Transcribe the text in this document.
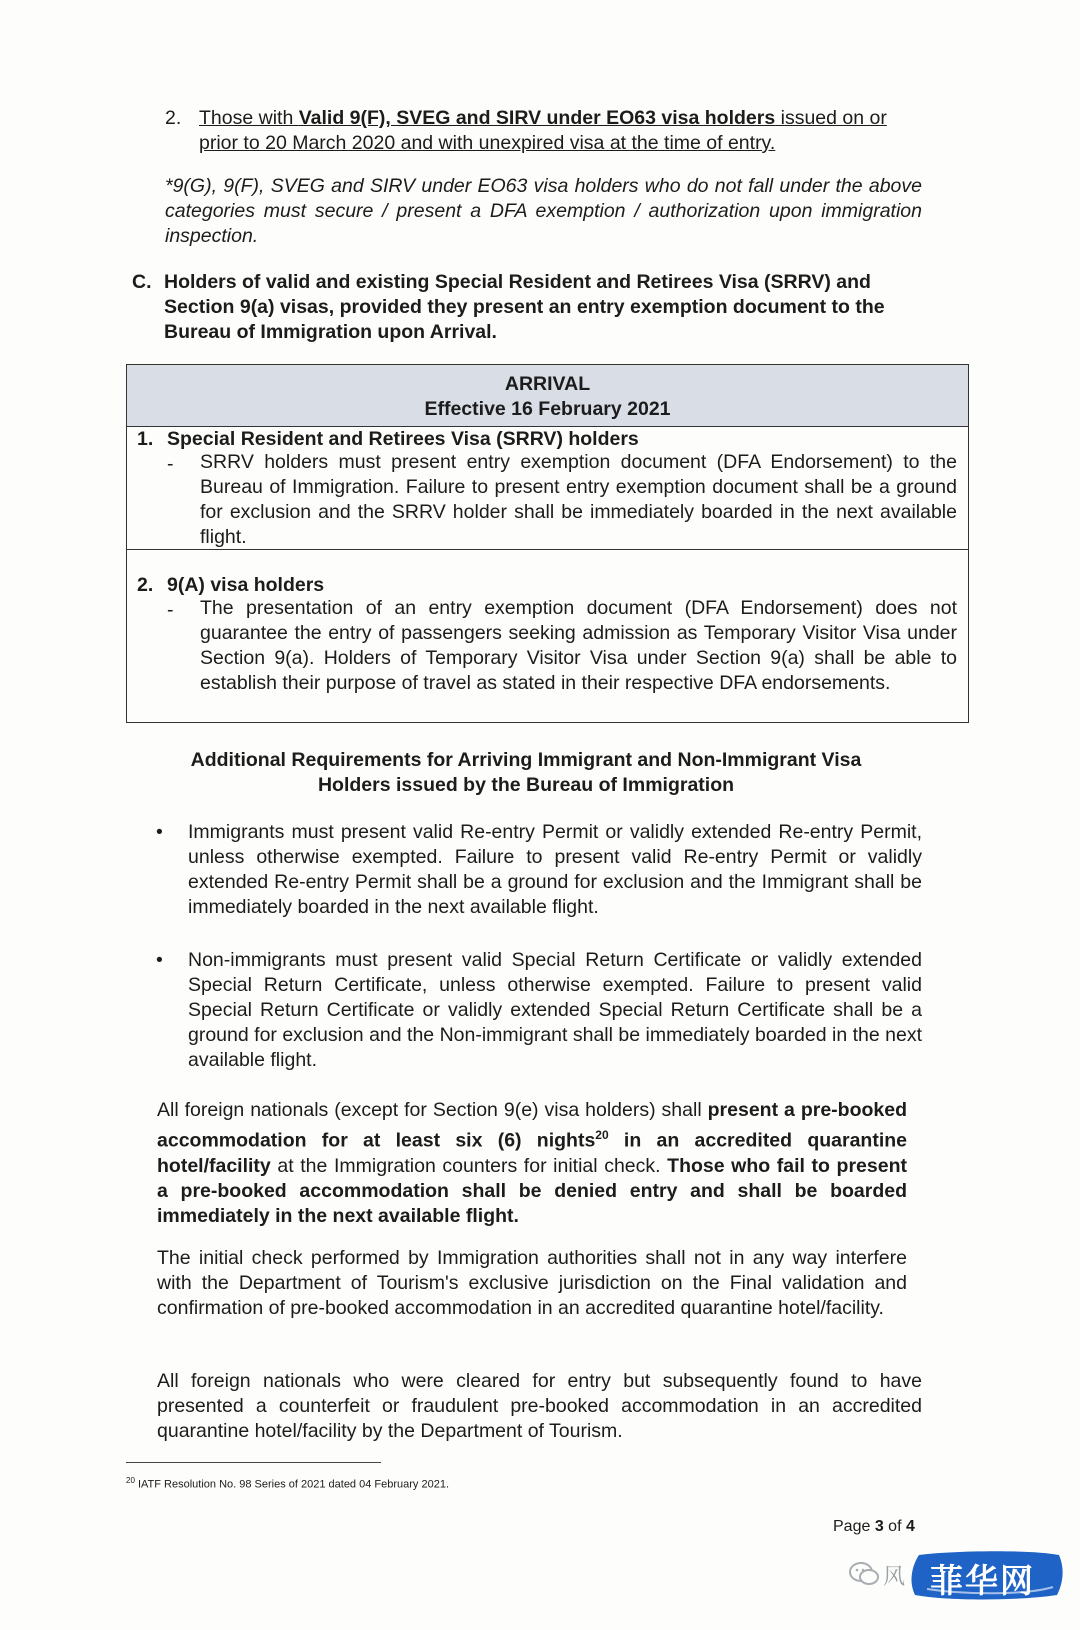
2. Those with Valid 9(F), SVEG and SIRV under EO63 visa holders issued on or prior to 20 March 2020 and with unexpired visa at the time of entry.
*9(G), 9(F), SVEG and SIRV under EO63 visa holders who do not fall under the above categories must secure / present a DFA exemption / authorization upon immigration inspection.
C. Holders of valid and existing Special Resident and Retirees Visa (SRRV) and Section 9(a) visas, provided they present an entry exemption document to the Bureau of Immigration upon Arrival.
ARRIVAL
Effective 16 February 2021
1. Special Resident and Retirees Visa (SRRV) holders
- SRRV holders must present entry exemption document (DFA Endorsement) to the Bureau of Immigration. Failure to present entry exemption document shall be a ground for exclusion and the SRRV holder shall be immediately boarded in the next available flight.
2. 9(A) visa holders
- The presentation of an entry exemption document (DFA Endorsement) does not guarantee the entry of passengers seeking admission as Temporary Visitor Visa under Section 9(a). Holders of Temporary Visitor Visa under Section 9(a) shall be able to establish their purpose of travel as stated in their respective DFA endorsements.
Additional Requirements for Arriving Immigrant and Non-Immigrant Visa
Holders issued by the Bureau of Immigration
• Immigrants must present valid Re-entry Permit or validly extended Re-entry Permit, unless otherwise exempted. Failure to present valid Re-entry Permit or validly extended Re-entry Permit shall be a ground for exclusion and the Immigrant shall be immediately boarded in the next available flight.
• Non-immigrants must present valid Special Return Certificate or validly extended Special Return Certificate, unless otherwise exempted. Failure to present valid Special Return Certificate or validly extended Special Return Certificate shall be a ground for exclusion and the Non-immigrant shall be immediately boarded in the next available flight.
All foreign nationals (except for Section 9(e) visa holders) shall present a pre-booked accommodation for at least six (6) nights$^{20}$ in an accredited quarantine hotel/facility at the Immigration counters for initial check. Those who fail to present a pre-booked accommodation shall be denied entry and shall be boarded immediately in the next available flight.
The initial check performed by Immigration authorities shall not in any way interfere with the Department of Tourism's exclusive jurisdiction on the Final validation and confirmation of pre-booked accommodation in an accredited quarantine hotel/facility.
All foreign nationals who were cleared for entry but subsequently found to have presented a counterfeit or fraudulent pre-booked accommodation in an accredited quarantine hotel/facility by the Department of Tourism.
$^{20}$ IATF Resolution No. 98 Series of 2021 dated 04 February 2021.
Page 3 of 4
风 菲华网
